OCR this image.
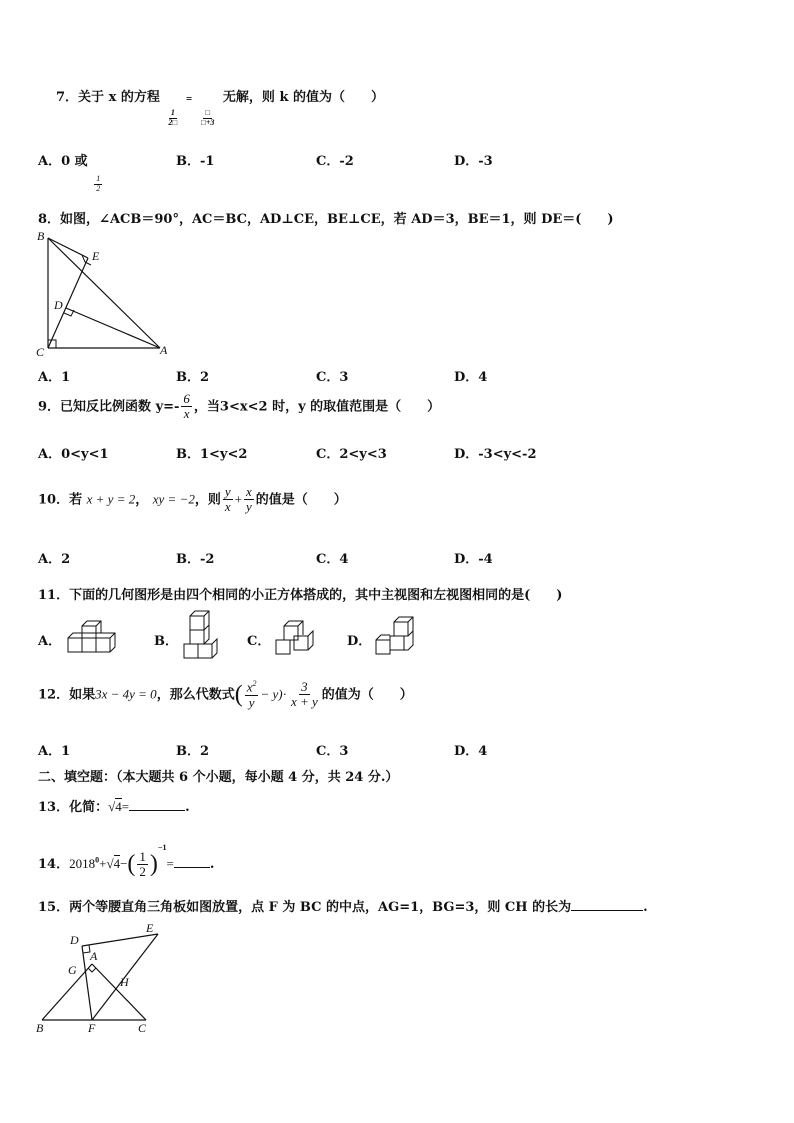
7．关于 x 的方程
$\frac{1}{2□}$
=
$\frac{□}{□+3}$
无解，则 k 的值为（　　）
A．0 或
$\frac{1}{2}$
B．-1	C．-2	D．-3
8．如图，∠ACB＝90°，AC＝BC，AD⊥CE，BE⊥CE，若 AD＝3，BE＝1，则 DE＝(　　)
B
E
D
C	A
A．1	B．2	C．3	D．4
9．已知反比例函数 $y=- \frac{6}{x}$ ，当3<x<2 时，y 的取值范围是（　　）
A．0<y<1	B．1<y<2	C．2<y<3	D．-3<y<-2
10．若 x + y = 2， xy = −2，则 $\frac{y}{x} + \frac{x}{y}$ 的值是（　　）
A．2	B．-2	C．4	D．-4
11．下面的几何图形是由四个相同的小正方体搭成的，其中主视图和左视图相同的是(　　)
A．	B．	C．	D．
12．如果3x − 4y = 0，那么代数式( $\frac{x^2}{y} - y)\cdot \frac{3}{x + y}$ 的值为（　　）
A．1	B．2	C．3	D．4
二、填空题：（本大题共 6 个小题，每小题 4 分，共 24 分.）
13．化简：√4=	.
14．$2018^0+√4-( \frac{1}{2} )^{-1}=$	.
15．两个等腰直角三角板如图放置，点 F 为 BC 的中点，AG=1，BG=3，则 CH 的长为	.
D
E
G
A
H
B	F	C
